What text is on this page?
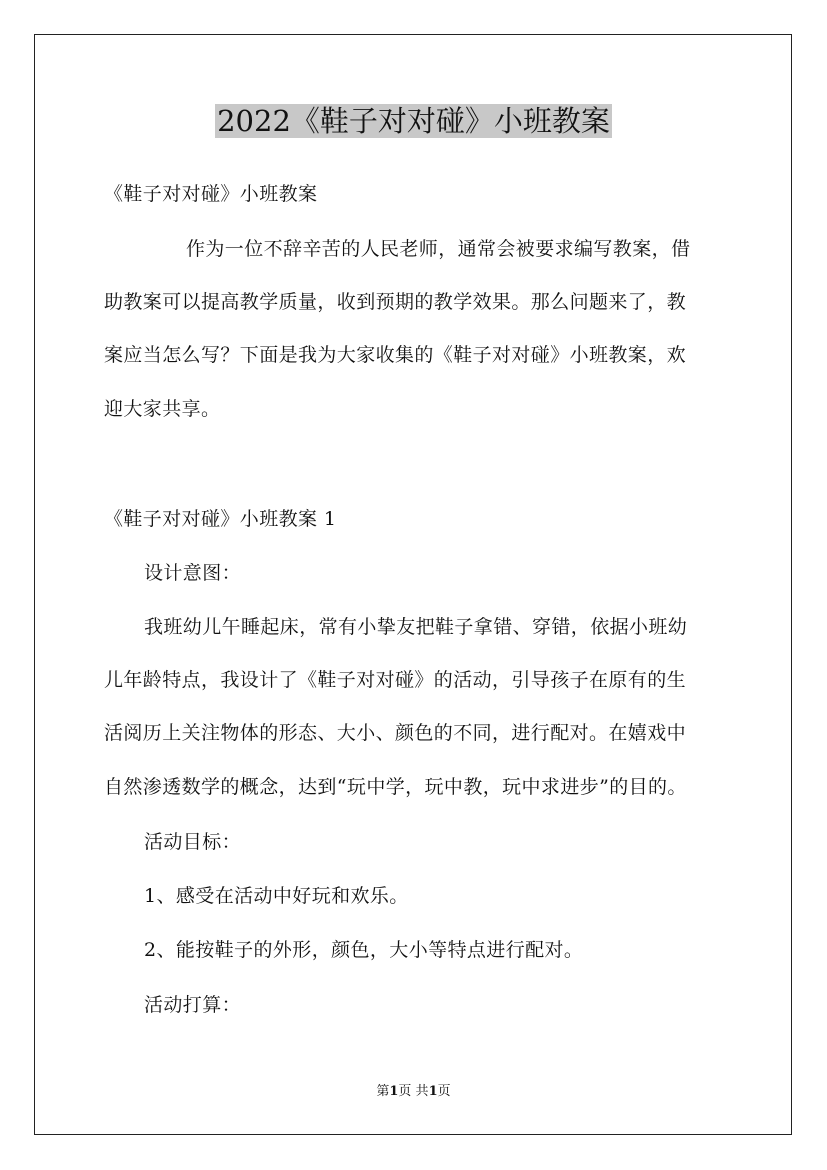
2022《鞋子对对碰》小班教案

《鞋子对对碰》小班教案

作为一位不辞辛苦的人民老师，通常会被要求编写教案，借

助教案可以提高教学质量，收到预期的教学效果。那么问题来了，教

案应当怎么写？下面是我为大家收集的《鞋子对对碰》小班教案，欢

迎大家共享。

《鞋子对对碰》小班教案 1

设计意图：

我班幼儿午睡起床，常有小挚友把鞋子拿错、穿错，依据小班幼

儿年龄特点，我设计了《鞋子对对碰》的活动，引导孩子在原有的生

活阅历上关注物体的形态、大小、颜色的不同，进行配对。在嬉戏中

自然渗透数学的概念，达到“玩中学，玩中教，玩中求进步”的目的。

活动目标：

1、感受在活动中好玩和欢乐。

2、能按鞋子的外形，颜色，大小等特点进行配对。

活动打算：

第1页 共1页
